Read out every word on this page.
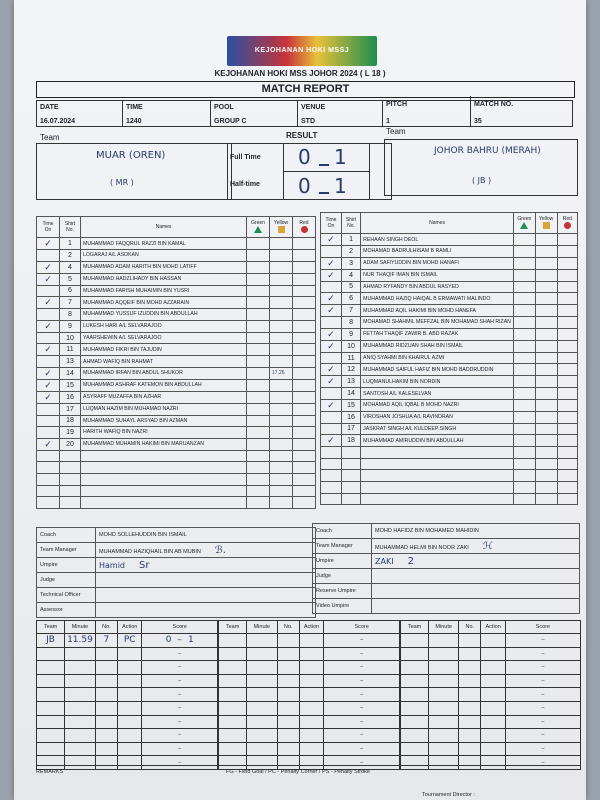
KEJOHANAN HOKI MSSJ
KEJOHANAN HOKI MSS JOHOR 2024 ( L 18 )
MATCH REPORT
DATE
16.07.2024
TIME
1240
POOL
GROUP C
VENUE
STD
PITCH
1
MATCH NO.
35
Team	RESULT	Team
MUAR (OREN)
( MR )
Full Time
Half-time
0 1
0 1
JOHOR BAHRU (MERAH)
( JB )
Time
On	Shirt
No.	Names	Green	Yellow	Red

✓	1	MUHAMMAD FAQQRUL RAZZI BIN KAMAL			
	2	LOGARAJ A/L ASOKAN			
✓	4	MUHAMMAD ADAM HARITH BIN MOHD LATIFF			
✓	5	MUHAMMAD HADZLIHADY BIN HASSAN			
	6	MUHAMMAD FARISH MUHAIMIN BIN YUSRI			
✓	7	MUHAMMAD AQQEIF BIN MOHD AZZARAIN			
	8	MUHAMMAD YUSSUF IZUDDIN BIN ABDULLAH			
✓	9	LUKESH HARI A/L SELVARAJOO			
	10	YAARSHEWIN A/L SELVARAJOO			
✓	11	MUHAMMAD FIKRI BIN TAJUDIN			
	13	AHMAD WAFIQ BIN RAHMAT			
✓	14	MUHAMMAD IRFAN BIN ABDUL SHUKOR		17.26	
✓	15	MUHAMMAD ASHRAF KATEMON BIN ABDULLAH			
✓	16	ASYRAFF MUZAFFA BIN AZHAR			
	17	LUQMAN HAZIM BIN MUHAMAD NAZRI			
	18	MUHAMMAD SUHAYL ARSYAD BIN AZMAN			
	19	HARITH WAFIQ BIN NAZRI			
✓	20	MUHAMMAD MUHAMIN HAKIMI BIN MARUANZAN			

Time
On	Shirt
No.	Names	Green	Yellow	Red

✓	1	REHAAN SINGH DEOL			
	2	MOHAMAD BADRULHISAM B RAMLI			
✓	3	ADAM SAFIYUDDIN BIN MOHD HANAFI			
✓	4	NUR THAQIF IMAN BIN ISMAIL			
	5	AHMAD RYFANDY BIN ABDUL RASYED			
✓	6	MUHAMMAD HAZIQ HAIQAL B ERMAWATI MALINDO			
✓	7	MUHAMMAD AQIL HAKIMI BIN MOHD HANEFA			
	8	MOHAMAD SHAHMIL MEFFZAL BIN MOHAMAD SHAH RIZAN			
✓	9	FETTAH THAQIF ZAWIR B. ABD RAZAK			
✓	10	MUHAMMAD RIDZUAN SHAH BIN ISMAIL			
	11	ANIQ SYAHMI BIN KHAIRUL AZMI			
✓	12	MUHAMMAD SAIFUL HAFIZ BIN MOHD BADDRUDDIN			
✓	13	LUQMANULHAKIM BIN NORDIN			
	14	SANTOSH A/L KALESELVAN			
✓	15	MOHAMAD AQIL IQBAL B MOHD NAZRI			
	16	VIROSHAN JOSHUA A/L RAVINDRAN			
	17	JASKRAT SINGH A/L KULDEEP SINGH			
✓	18	MUHAMMAD AMIRUDDIN BIN ABDULLAH			

Coach	MOHD SOLLEHUDDIN BIN ISMAIL
Team Manager	MUHAMMAD HAZIQHAIL BIN AB MUBIN ℬ.
Umpire	Hamid Sr
Judge	
Technical Officer	
Assessor	
Coach	MOHD HAFIDZ BIN MOHAMED MAHIDIN
Team Manager	MUHAMMAD HELMI BIN NOOR ZAKI ℋ
Umpire	ZAKI 2
Judge	
Reserve Umpire	
Video Umpire	
Team	Minute	No.	Action	Score
JB	11.59	7	PC	0 – 1
				–
				–
				–
				–
				–
				–
				–
				–
				–
Team	Minute	No.	Action	Score
				–
				–
				–
				–
				–
				–
				–
				–
				–
				–
Team	Minute	No.	Action	Score
				–
				–
				–
				–
				–
				–
				–
				–
				–
				–
REMARKS	FG - Field Goal / PC - Penalty Corner / PS - Penalty Stroke
Tournament Director :
